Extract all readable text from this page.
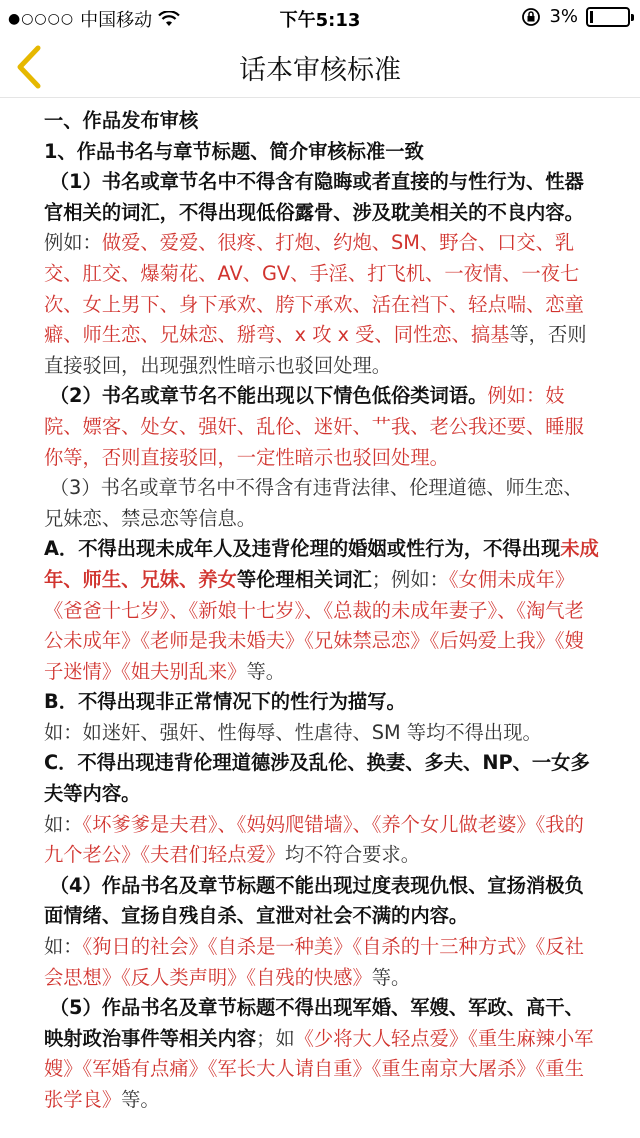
●○○○○ 中国移动	下午5:13	3%
话本审核标准

一、作品发布审核

1、作品书名与章节标题、简介审核标准一致

（1）书名或章节名中不得含有隐晦或者直接的与性行为、性器官相关的词汇，不得出现低俗露骨、涉及耽美相关的不良内容。

例如：做爱、爱爱、很疼、打炮、约炮、SM、野合、口交、乳交、肛交、爆菊花、AV、GV、手淫、打飞机、一夜情、一夜七次、女上男下、身下承欢、胯下承欢、活在裆下、轻点喘、恋童癖、师生恋、兄妹恋、掰弯、x 攻 x 受、同性恋、搞基等，否则直接驳回，出现强烈性暗示也驳回处理。

（2）书名或章节名不能出现以下情色低俗类词语。例如：妓院、嫖客、处女、强奸、乱伦、迷奸、艹我、老公我还要、睡服你等，否则直接驳回，一定性暗示也驳回处理。

（3）书名或章节名中不得含有违背法律、伦理道德、师生恋、兄妹恋、禁忌恋等信息。

A．不得出现未成年人及违背伦理的婚姻或性行为，不得出现未成年、师生、兄妹、养女等伦理相关词汇；例如：《女佣未成年》《爸爸十七岁》、《新娘十七岁》、《总裁的未成年妻子》、《淘气老公未成年》《老师是我未婚夫》《兄妹禁忌恋》《后妈爱上我》《嫂子迷情》《姐夫别乱来》等。

B．不得出现非正常情况下的性行为描写。

如：如迷奸、强奸、性侮辱、性虐待、SM 等均不得出现。

C．不得出现违背伦理道德涉及乱伦、换妻、多夫、NP、一女多夫等内容。

如：《坏爹爹是夫君》、《妈妈爬错墙》、《养个女儿做老婆》《我的九个老公》《夫君们轻点爱》均不符合要求。

（4）作品书名及章节标题不能出现过度表现仇恨、宣扬消极负面情绪、宣扬自残自杀、宣泄对社会不满的内容。

如：《狗日的社会》《自杀是一种美》《自杀的十三种方式》《反社会思想》《反人类声明》《自残的快感》等。

（5）作品书名及章节标题不得出现军婚、军嫂、军政、高干、映射政治事件等相关内容；如《少将大人轻点爱》《重生麻辣小军嫂》《军婚有点痛》《军长大人请自重》《重生南京大屠杀》《重生张学良》等。
